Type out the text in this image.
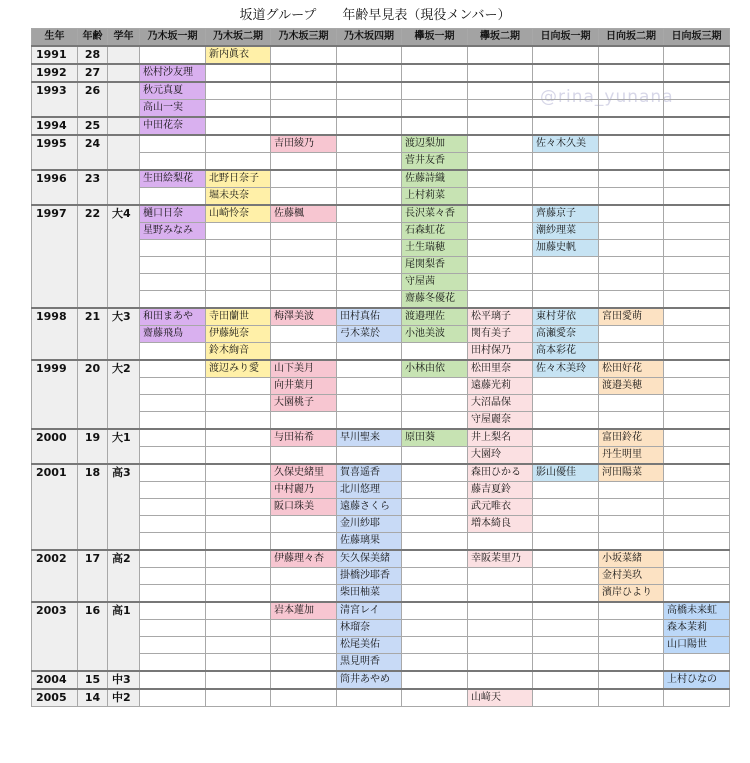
坂道グループ　　年齢早見表（現役メンバー）
@rina_yunana
生年	年齢	学年	乃木坂一期	乃木坂二期	乃木坂三期	乃木坂四期	欅坂一期	欅坂二期	日向坂一期	日向坂二期	日向坂三期
1991	28			新内眞衣							
1992	27		松村沙友理								
1993	26		秋元真夏								
			高山一実								
1994	25		中田花奈								
1995	24				吉田綾乃		渡辺梨加		佐々木久美		
							菅井友香				
1996	23		生田絵梨花	北野日奈子			佐藤詩織				
				堀未央奈			上村莉菜				
1997	22	大4	樋口日奈	山崎怜奈	佐藤楓		長沢菜々香		齊藤京子		
			星野みなみ				石森虹花		潮紗理菜		
							土生瑞穂		加藤史帆		
							尾関梨香				
							守屋茜				
							齋藤冬優花				
1998	21	大3	和田まあや	寺田蘭世	梅澤美波	田村真佑	渡邉理佐	松平璃子	東村芽依	宮田愛萌	
			齋藤飛鳥	伊藤純奈		弓木菜於	小池美波	関有美子	高瀬愛奈		
				鈴木絢音				田村保乃	高本彩花		
1999	20	大2		渡辺みり愛	山下美月		小林由依	松田里奈	佐々木美玲	松田好花	
					向井葉月			遠藤光莉		渡邉美穂	
					大園桃子			大沼晶保			
								守屋麗奈			
2000	19	大1			与田祐希	早川聖来	原田葵	井上梨名		富田鈴花	
								大園玲		丹生明里	
2001	18	高3			久保史緒里	賀喜遥香		森田ひかる	影山優佳	河田陽菜	
					中村麗乃	北川悠理		藤吉夏鈴			
					阪口珠美	遠藤さくら		武元唯衣			
						金川紗耶		増本綺良			
						佐藤璃果					
2002	17	高2			伊藤理々杏	矢久保美緒		幸阪茉里乃		小坂菜緒	
						掛橋沙耶香				金村美玖	
						柴田柚菜				濱岸ひより	
2003	16	高1			岩本蓮加	清宮レイ					高橋未来虹
						林瑠奈					森本茉莉
						松尾美佑					山口陽世
						黒見明香					
2004	15	中3				筒井あやめ					上村ひなの
2005	14	中2						山﨑天			
